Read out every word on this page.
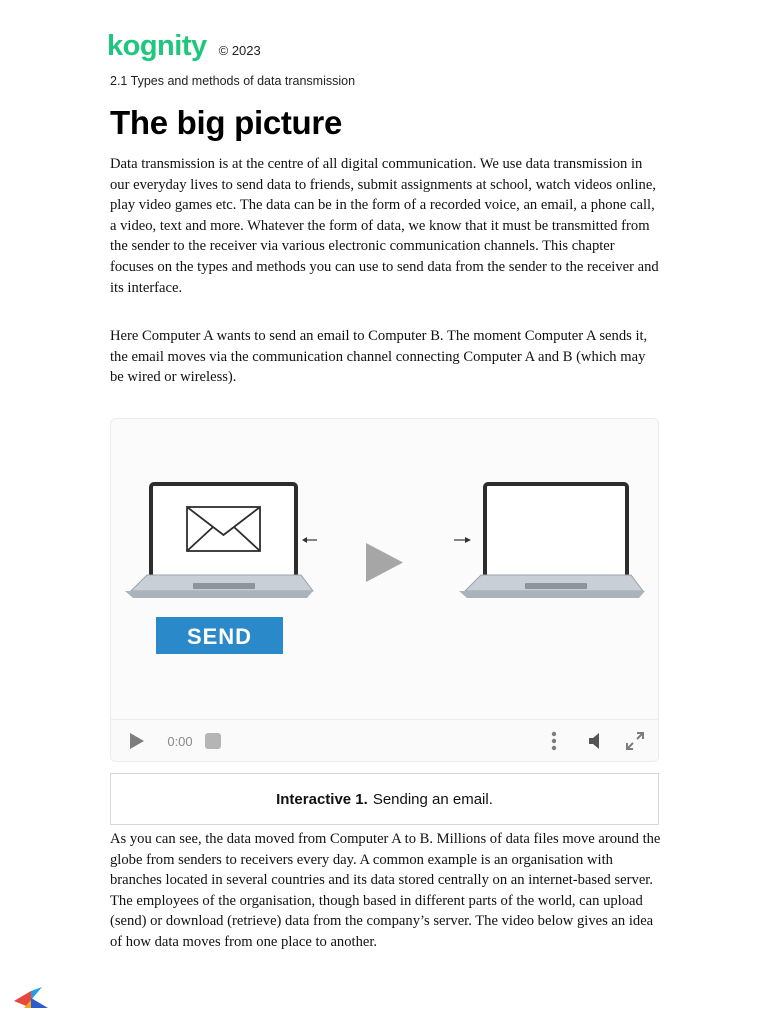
kognity © 2023
2.1 Types and methods of data transmission
The big picture

Data transmission is at the centre of all digital communication. We use data transmission in our everyday lives to send data to friends, submit assignments at school, watch videos online, play video games etc. The data can be in the form of a recorded voice, an email, a phone call, a video, text and more. Whatever the form of data, we know that it must be transmitted from the sender to the receiver via various electronic communication channels. This chapter focuses on the types and methods you can use to send data from the sender to the receiver and its interface.

Here Computer A wants to send an email to Computer B. The moment Computer A sends it, the email moves via the communication channel connecting Computer A and B (which may be wired or wireless).

SEND
0:00
Interactive 1. Sending an email.

As you can see, the data moved from Computer A to B. Millions of data files move around the globe from senders to receivers every day. A common example is an organisation with branches located in several countries and its data stored centrally on an internet-based server. The employees of the organisation, though based in different parts of the world, can upload (send) or download (retrieve) data from the company’s server. The video below gives an idea of how data moves from one place to another.
